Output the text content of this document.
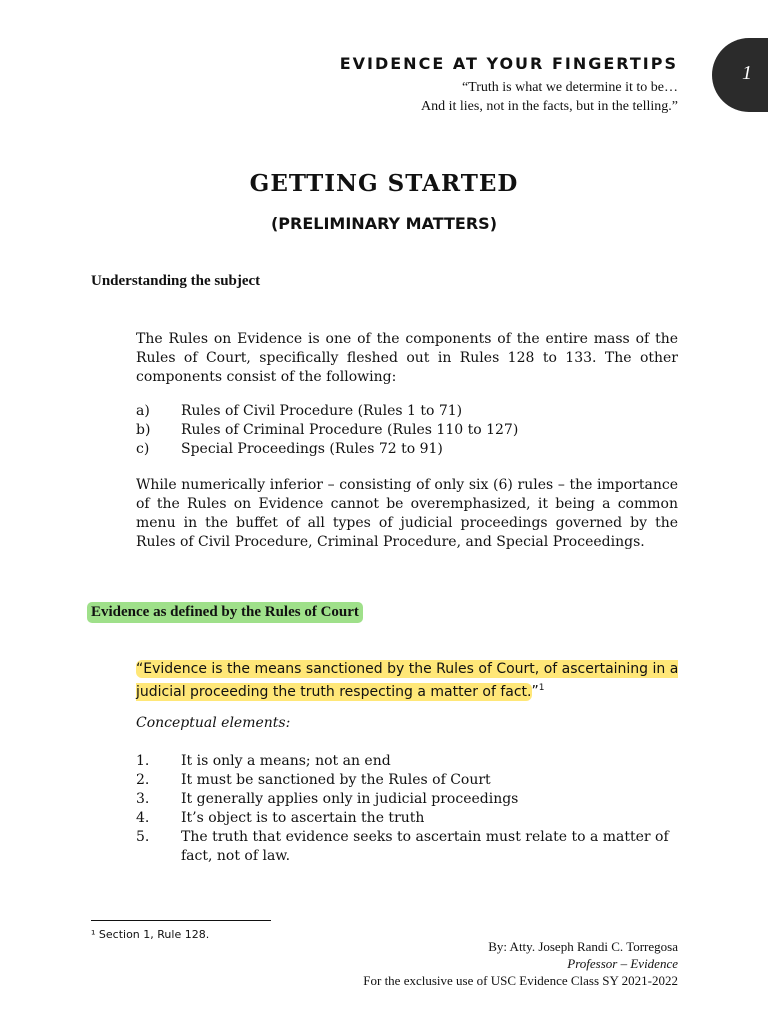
EVIDENCE AT YOUR FINGERTIPS
“Truth is what we determine it to be…
And it lies, not in the facts, but in the telling.”
1
GETTING STARTED
(PRELIMINARY MATTERS)
Understanding the subject
The Rules on Evidence is one of the components of the entire mass of the Rules of Court, specifically fleshed out in Rules 128 to 133. The other components consist of the following:
a)	Rules of Civil Procedure (Rules 1 to 71)
b)	Rules of Criminal Procedure (Rules 110 to 127)
c)	Special Proceedings (Rules 72 to 91)
While numerically inferior – consisting of only six (6) rules – the importance of the Rules on Evidence cannot be overemphasized, it being a common menu in the buffet of all types of judicial proceedings governed by the Rules of Civil Procedure, Criminal Procedure, and Special Proceedings.
Evidence as defined by the Rules of Court
“Evidence is the means sanctioned by the Rules of Court, of ascertaining in a judicial proceeding the truth respecting a matter of fact.”$^1$
Conceptual elements:
1.	It is only a means; not an end
2.	It must be sanctioned by the Rules of Court
3.	It generally applies only in judicial proceedings
4.	It’s object is to ascertain the truth
5.	The truth that evidence seeks to ascertain must relate to a matter of fact, not of law.
¹ Section 1, Rule 128.
By: Atty. Joseph Randi C. Torregosa
Professor – Evidence
For the exclusive use of USC Evidence Class SY 2021-2022
